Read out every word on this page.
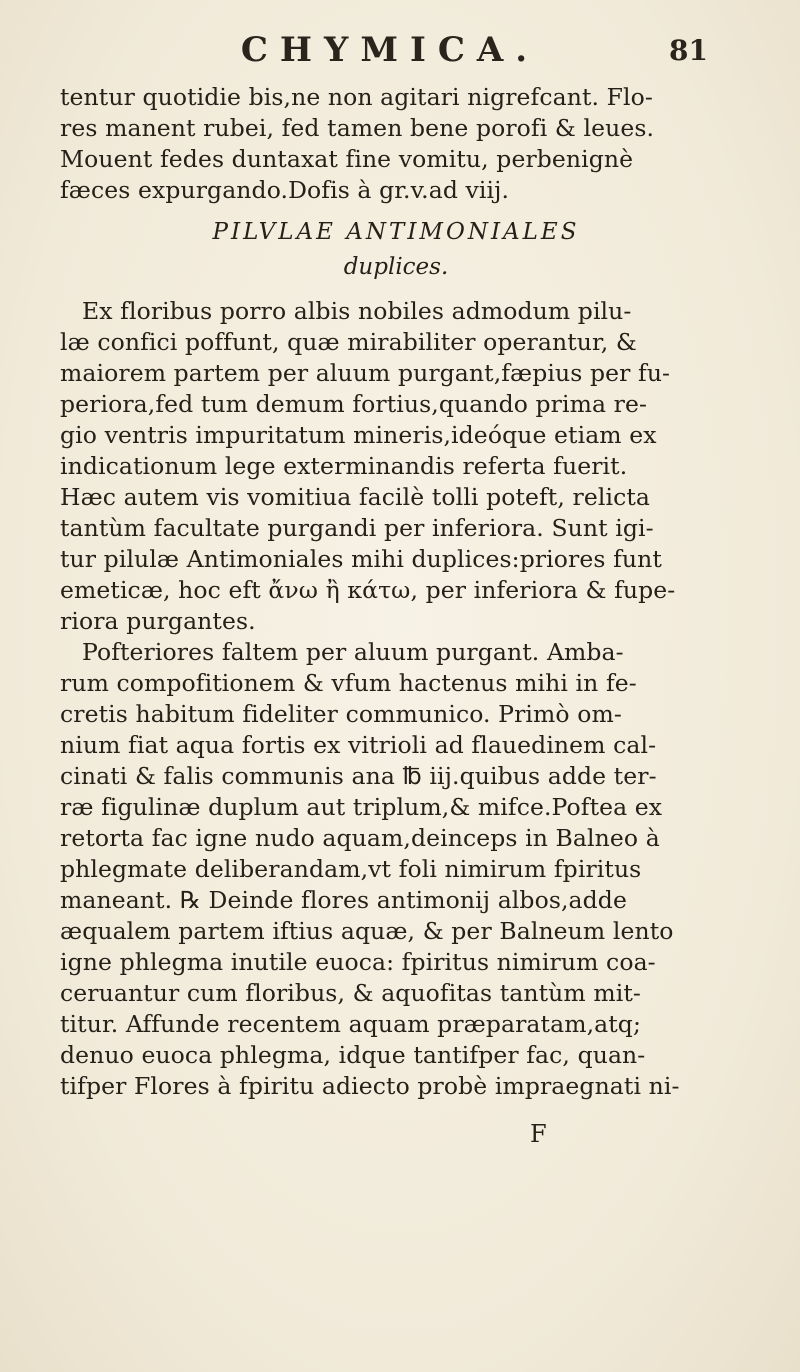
CHYMICA.	81
tentur quotidie bis,ne non agitari nigrefcant. Flo-
res manent rubei, fed tamen bene porofi & leues.
Mouent fedes duntaxat fine vomitu, perbenignè
fæces expurgando.Dofis à gr.v.ad viij.
PILVLAE ANTIMONIALES
duplices.
Ex floribus porro albis nobiles admodum pilu-
læ confici poffunt, quæ mirabiliter operantur, &
maiorem partem per aluum purgant,fæpius per fu-
periora,fed tum demum fortius,quando prima re-
gio ventris impuritatum mineris,ideóque etiam ex
indicationum lege exterminandis referta fuerit.
Hæc autem vis vomitiua facilè tolli poteft, relicta
tantùm facultate purgandi per inferiora. Sunt igi-
tur pilulæ Antimoniales mihi duplices:priores funt
emeticæ, hoc eft ἄνω ἢ κάτω, per inferiora & fupe-
riora purgantes.
Pofteriores faltem per aluum purgant. Amba-
rum compofitionem & vfum hactenus mihi in fe-
cretis habitum fideliter communico. Primò om-
nium fiat aqua fortis ex vitrioli ad flauedinem cal-
cinati & falis communis ana ℔ iij.quibus adde ter-
ræ figulinæ duplum aut triplum,& mifce.Poftea ex
retorta fac igne nudo aquam,deinceps in Balneo à
phlegmate deliberandam,vt foli nimirum fpiritus
maneant. ℞ Deinde flores antimonij albos,adde
æqualem partem iftius aquæ, & per Balneum lento
igne phlegma inutile euoca: fpiritus nimirum coa-
ceruantur cum floribus, & aquofitas tantùm mit-
titur. Affunde recentem aquam præparatam,atq;
denuo euoca phlegma, idque tantifper fac, quan-
tifper Flores à fpiritu adiecto probè impraegnati ni-
F
